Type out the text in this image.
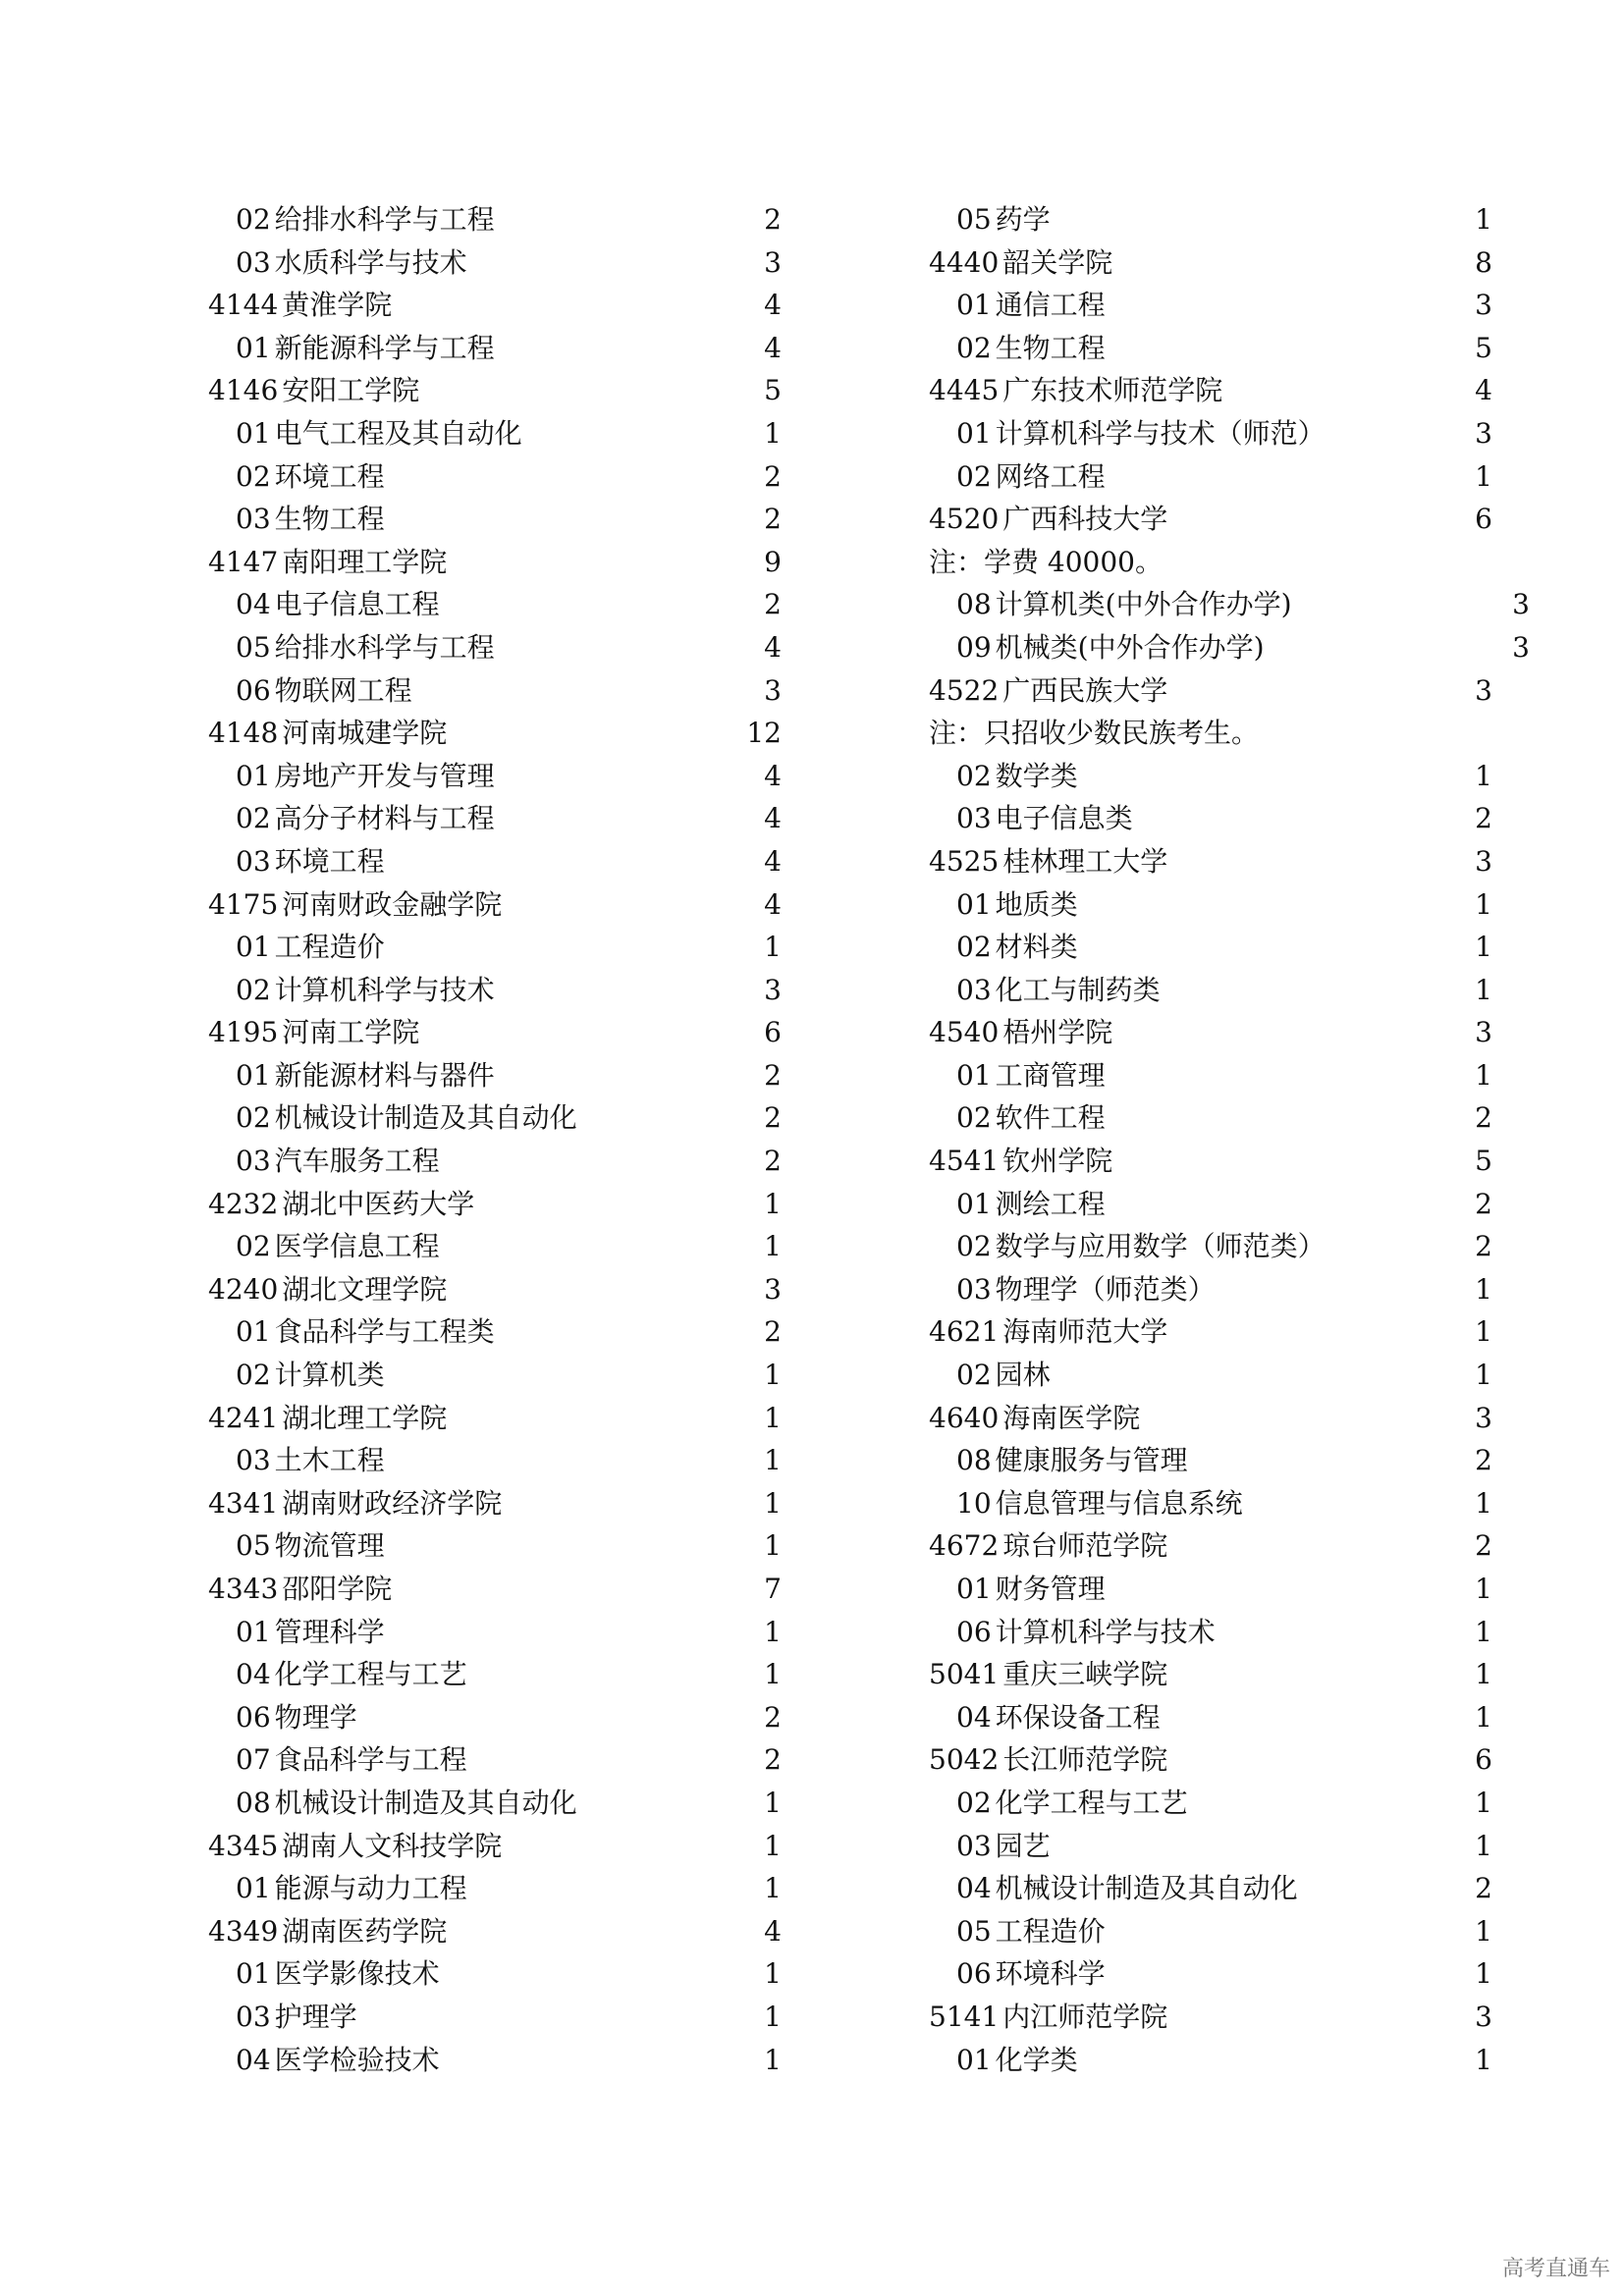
02 给排水科学与工程	2
03 水质科学与技术	3
4144 黄淮学院	4
01 新能源科学与工程	4
4146 安阳工学院	5
01 电气工程及其自动化	1
02 环境工程	2
03 生物工程	2
4147 南阳理工学院	9
04 电子信息工程	2
05 给排水科学与工程	4
06 物联网工程	3
4148 河南城建学院	12
01 房地产开发与管理	4
02 高分子材料与工程	4
03 环境工程	4
4175 河南财政金融学院	4
01 工程造价	1
02 计算机科学与技术	3
4195 河南工学院	6
01 新能源材料与器件	2
02 机械设计制造及其自动化	2
03 汽车服务工程	2
4232 湖北中医药大学	1
02 医学信息工程	1
4240 湖北文理学院	3
01 食品科学与工程类	2
02 计算机类	1
4241 湖北理工学院	1
03 土木工程	1
4341 湖南财政经济学院	1
05 物流管理	1
4343 邵阳学院	7
01 管理科学	1
04 化学工程与工艺	1
06 物理学	2
07 食品科学与工程	2
08 机械设计制造及其自动化	1
4345 湖南人文科技学院	1
01 能源与动力工程	1
4349 湖南医药学院	4
01 医学影像技术	1
03 护理学	1
04 医学检验技术	1
05 药学	1
4440 韶关学院	8
01 通信工程	3
02 生物工程	5
4445 广东技术师范学院	4
01 计算机科学与技术（师范）	3
02 网络工程	1
4520 广西科技大学	6
注：学费 40000。
08 计算机类(中外合作办学)	3
09 机械类(中外合作办学)	3
4522 广西民族大学	3
注：只招收少数民族考生。
02 数学类	1
03 电子信息类	2
4525 桂林理工大学	3
01 地质类	1
02 材料类	1
03 化工与制药类	1
4540 梧州学院	3
01 工商管理	1
02 软件工程	2
4541 钦州学院	5
01 测绘工程	2
02 数学与应用数学（师范类）	2
03 物理学（师范类）	1
4621 海南师范大学	1
02 园林	1
4640 海南医学院	3
08 健康服务与管理	2
10 信息管理与信息系统	1
4672 琼台师范学院	2
01 财务管理	1
06 计算机科学与技术	1
5041 重庆三峡学院	1
04 环保设备工程	1
5042 长江师范学院	6
02 化学工程与工艺	1
03 园艺	1
04 机械设计制造及其自动化	2
05 工程造价	1
06 环境科学	1
5141 内江师范学院	3
01 化学类	1
高考直通车
